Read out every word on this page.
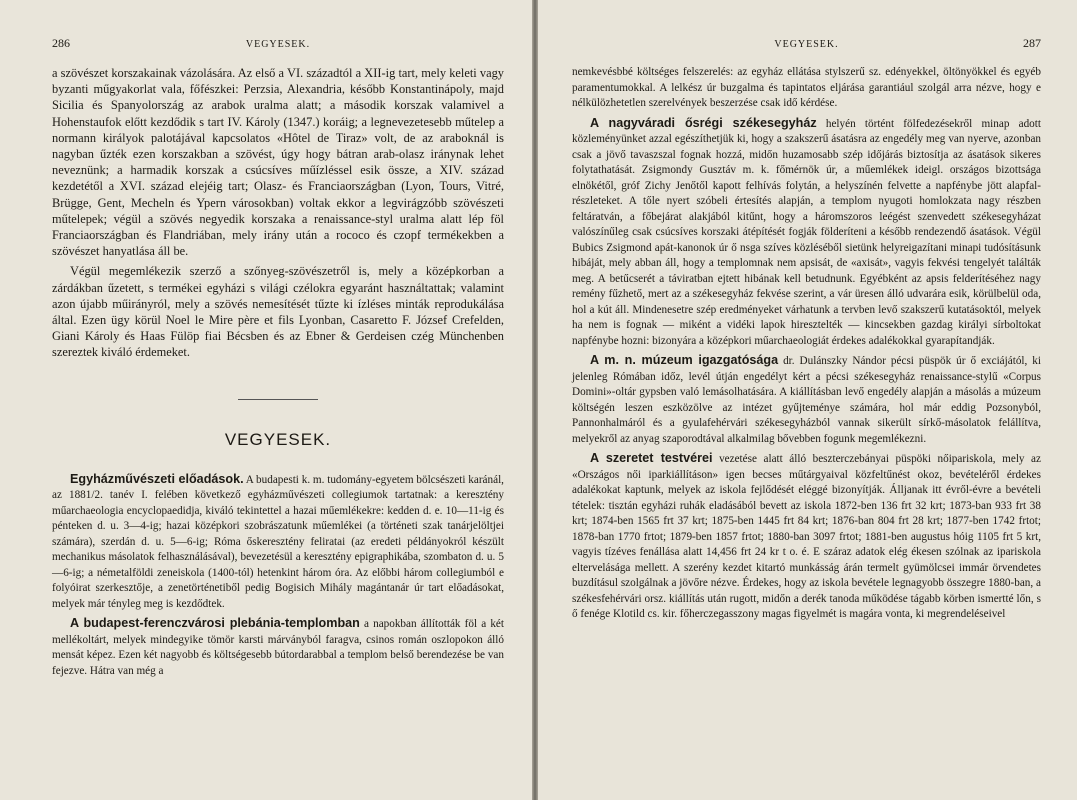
286	VEGYESEK.

a szövészet korszakainak vázolására. Az első a VI. századtól a XII-ig tart, mely keleti vagy byzanti műgyakorlat vala, főfészkei: Perzsia, Alexandria, később Konstantinápoly, majd Sicilia és Spanyolország az arabok uralma alatt; a második korszak valamivel a Hohenstaufok előtt kezdődik s tart IV. Károly (1347.) koráig; a legnevezetesebb műtelep a normann királyok palotájával kapcsolatos «Hôtel de Tiraz» volt, de az araboknál is nagyban űzték ezen korszakban a szövést, úgy hogy bátran arab-olasz iránynak lehet neveznünk; a harmadik korszak a csúcsíves műízléssel esik össze, a XIV. század kezdetétől a XVI. század elejéig tart; Olasz- és Franciaországban (Lyon, Tours, Vitré, Brügge, Gent, Mecheln és Ypern városokban) voltak ekkor a legvirágzóbb szövészeti műtelepek; végül a szövés negyedik korszaka a renaissance-styl uralma alatt lép föl Franciaországban és Flandriában, mely irány után a rococo és czopf termékekben a szövészet hanyatlása áll be.

Végül megemlékezik szerző a szőnyeg-szövészetről is, mely a középkorban a zárdákban űzetett, s termékei egyházi s világi czélokra egyaránt használtattak; valamint azon újabb műirányról, mely a szövés nemesítését tűzte ki ízléses minták reprodukálása által. Ezen ügy körül Noel le Mire père et fils Lyonban, Casaretto F. József Crefelden, Giani Károly és Haas Fülöp fiai Bécsben és az Ebner & Gerdeisen czég Münchenben szereztek kiváló érdemeket.

VEGYESEK.

Egyházművészeti előadások. A budapesti k. m. tudomány-egyetem bölcsészeti karánál, az 1881/2. tanév I. felében következő egyházművészeti collegiumok tartatnak: a keresztény műarchaeologia encyclopaedidja, kiváló tekintettel a hazai műemlékekre: kedden d. e. 10—11-ig és pénteken d. u. 3—4-ig; hazai középkori szobrászatunk műemlékei (a történeti szak tanárjelöltjei számára), szerdán d. u. 5—6-ig; Róma őskeresztény feliratai (az eredeti példányokról készült mechanikus másolatok felhasználásával), bevezetésül a keresztény epigraphikába, szombaton d. u. 5—6-ig; a németalföldi zeneiskola (1400-tól) hetenkint három óra. Az előbbi három collegiumból e folyóirat szerkesztője, a zenetörténetiből pedig Bogisich Mihály magántanár úr tart előadásokat, melyek már tényleg meg is kezdődtek.

A budapest-ferenczvárosi plebánia-templomban a napokban állították föl a két mellékoltárt, melyek mindegyike tömör karsti márványból faragva, csinos román oszlopokon álló mensát képez. Ezen két nagyobb és költségesebb bútordarabbal a templom belső berendezése be van fejezve. Hátra van még a

VEGYESEK.	287

nemkevésbbé költséges felszerelés: az egyház ellátása stylszerű sz. edényekkel, öltönyökkel és egyéb paramentumokkal. A lelkész úr buzgalma és tapintatos eljárása garantiául szolgál arra nézve, hogy e nélkülözhetetlen szerelvények beszerzése csak idő kérdése.

A nagyváradi ősrégi székesegyház helyén történt fölfedezésekről minap adott közleményünket azzal egészíthetjük ki, hogy a szakszerű ásatásra az engedély meg van nyerve, azonban csak a jövő tavaszszal fognak hozzá, midőn huzamosabb szép időjárás biztosítja az ásatások sikeres folytathatását. Zsigmondy Gusztáv m. k. főmérnök úr, a műemlékek ideigl. országos bizottsága elnökétől, gróf Zichy Jenőtől kapott felhívás folytán, a helyszínén felvette a napfénybe jött alapfal-részleteket. A tőle nyert szóbeli értesítés alapján, a templom nyugoti homlokzata nagy részben feltáratván, a főbejárat alakjából kitűnt, hogy a háromszoros leégést szenvedett székesegyházat valószínűleg csak csúcsíves korszaki átépítését fogják földeríteni a később rendezendő ásatások. Végül Bubics Zsigmond apát-kanonok úr ő nsga szíves közléséből sietünk helyreigazítani minapi tudósításunk hibáját, mely abban áll, hogy a templomnak nem apsisát, de «axisát», vagyis fekvési tengelyét találták meg. A betűcserét a táviratban ejtett hibának kell betudnunk. Egyébként az apsis felderítéséhez nagy remény fűzhető, mert az a székesegyház fekvése szerint, a vár üresen álló udvarára esik, körülbelül oda, hol a kút áll. Mindenesetre szép eredményeket várhatunk a tervben levő szakszerű kutatásoktól, melyek ha nem is fognak — miként a vidéki lapok hiresztelték — kincsekben gazdag királyi sírboltokat napfénybe hozni: bizonyára a középkori műarchaeologiát érdekes adalékokkal gyarapítandják.

A m. n. múzeum igazgatósága dr. Dulánszky Nándor pécsi püspök úr ő exciájától, ki jelenleg Rómában időz, levél útján engedélyt kért a pécsi székesegyház renaissance-stylű «Corpus Domini»-oltár gypsben való lemásolhatására. A kiállításban levő engedély alapján a másolás a múzeum költségén leszen eszközölve az intézet gyűjteménye számára, hol már eddig Pozsonyból, Pannonhalmáról és a gyulafehérvári székesegyházból vannak sikerült sírkő-másolatok felállítva, melyekről az anyag szaporodtával alkalmilag bővebben fogunk megemlékezni.

A szeretet testvérei vezetése alatt álló beszterczebányai püspöki nőipariskola, mely az «Országos női iparkiállításon» igen becses műtárgyaival közfeltűnést okoz, bevételéről érdekes adalékokat kaptunk, melyek az iskola fejlődését eléggé bizonyítják. Álljanak itt évről-évre a bevételi tételek: tisztán egyházi ruhák eladásából bevett az iskola 1872-ben 136 frt 32 krt; 1873-ban 933 frt 38 krt; 1874-ben 1565 frt 37 krt; 1875-ben 1445 frt 84 krt; 1876-ban 804 frt 28 krt; 1877-ben 1742 frtot; 1878-ban 1770 frtot; 1879-ben 1857 frtot; 1880-ban 3097 frtot; 1881-ben augustus hóig 1105 frt 5 krt, vagyis tízéves fenállása alatt 14,456 frt 24 kr t o. é. E száraz adatok elég ékesen szólnak az ipariskola eltervelásága mellett. A szerény kezdet kitartó munkásság árán termelt gyümölcsei immár örvendetes buzdításul szolgálnak a jövőre nézve. Érdekes, hogy az iskola bevétele legnagyobb összegre 1880-ban, a székesfehérvári orsz. kiállítás után rugott, midőn a derék tanoda működése tágabb körben ismertté lőn, s ő fenége Klotild cs. kir. főherczegasszony magas figyelmét is magára vonta, ki megrendeléseivel
